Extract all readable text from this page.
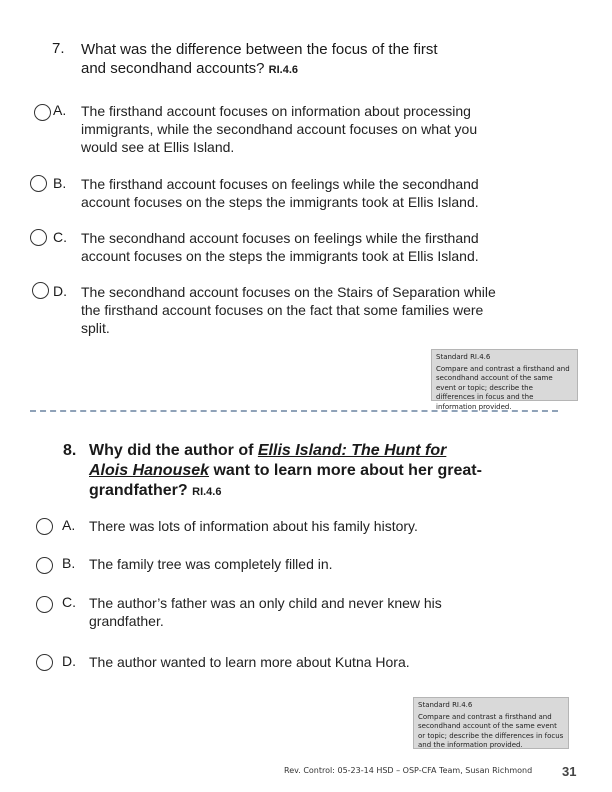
7. What was the difference between the focus of the first
and secondhand accounts? RI.4.6
A. The firsthand account focuses on information about processing
immigrants, while the secondhand account focuses on what you
would see at Ellis Island.
B. The firsthand account focuses on feelings while the secondhand
account focuses on the steps the immigrants took at Ellis Island.
C. The secondhand account focuses on feelings while the firsthand
account focuses on the steps the immigrants took at Ellis Island.
D. The secondhand account focuses on the Stairs of Separation while
the firsthand account focuses on the fact that some families were
split.
Standard RI.4.6
Compare and contrast a firsthand and secondhand account of the same event or topic; describe the differences in focus and the information provided.
8. Why did the author of Ellis Island: The Hunt for
Alois Hanousek want to learn more about her great-
grandfather? RI.4.6
A. There was lots of information about his family history.
B. The family tree was completely filled in.
C. The author’s father was an only child and never knew his
grandfather.
D. The author wanted to learn more about Kutna Hora.
Standard RI.4.6
Compare and contrast a firsthand and secondhand account of the same event or topic; describe the differences in focus and the information provided.
Rev. Control: 05-23-14 HSD – OSP-CFA Team, Susan Richmond 31
